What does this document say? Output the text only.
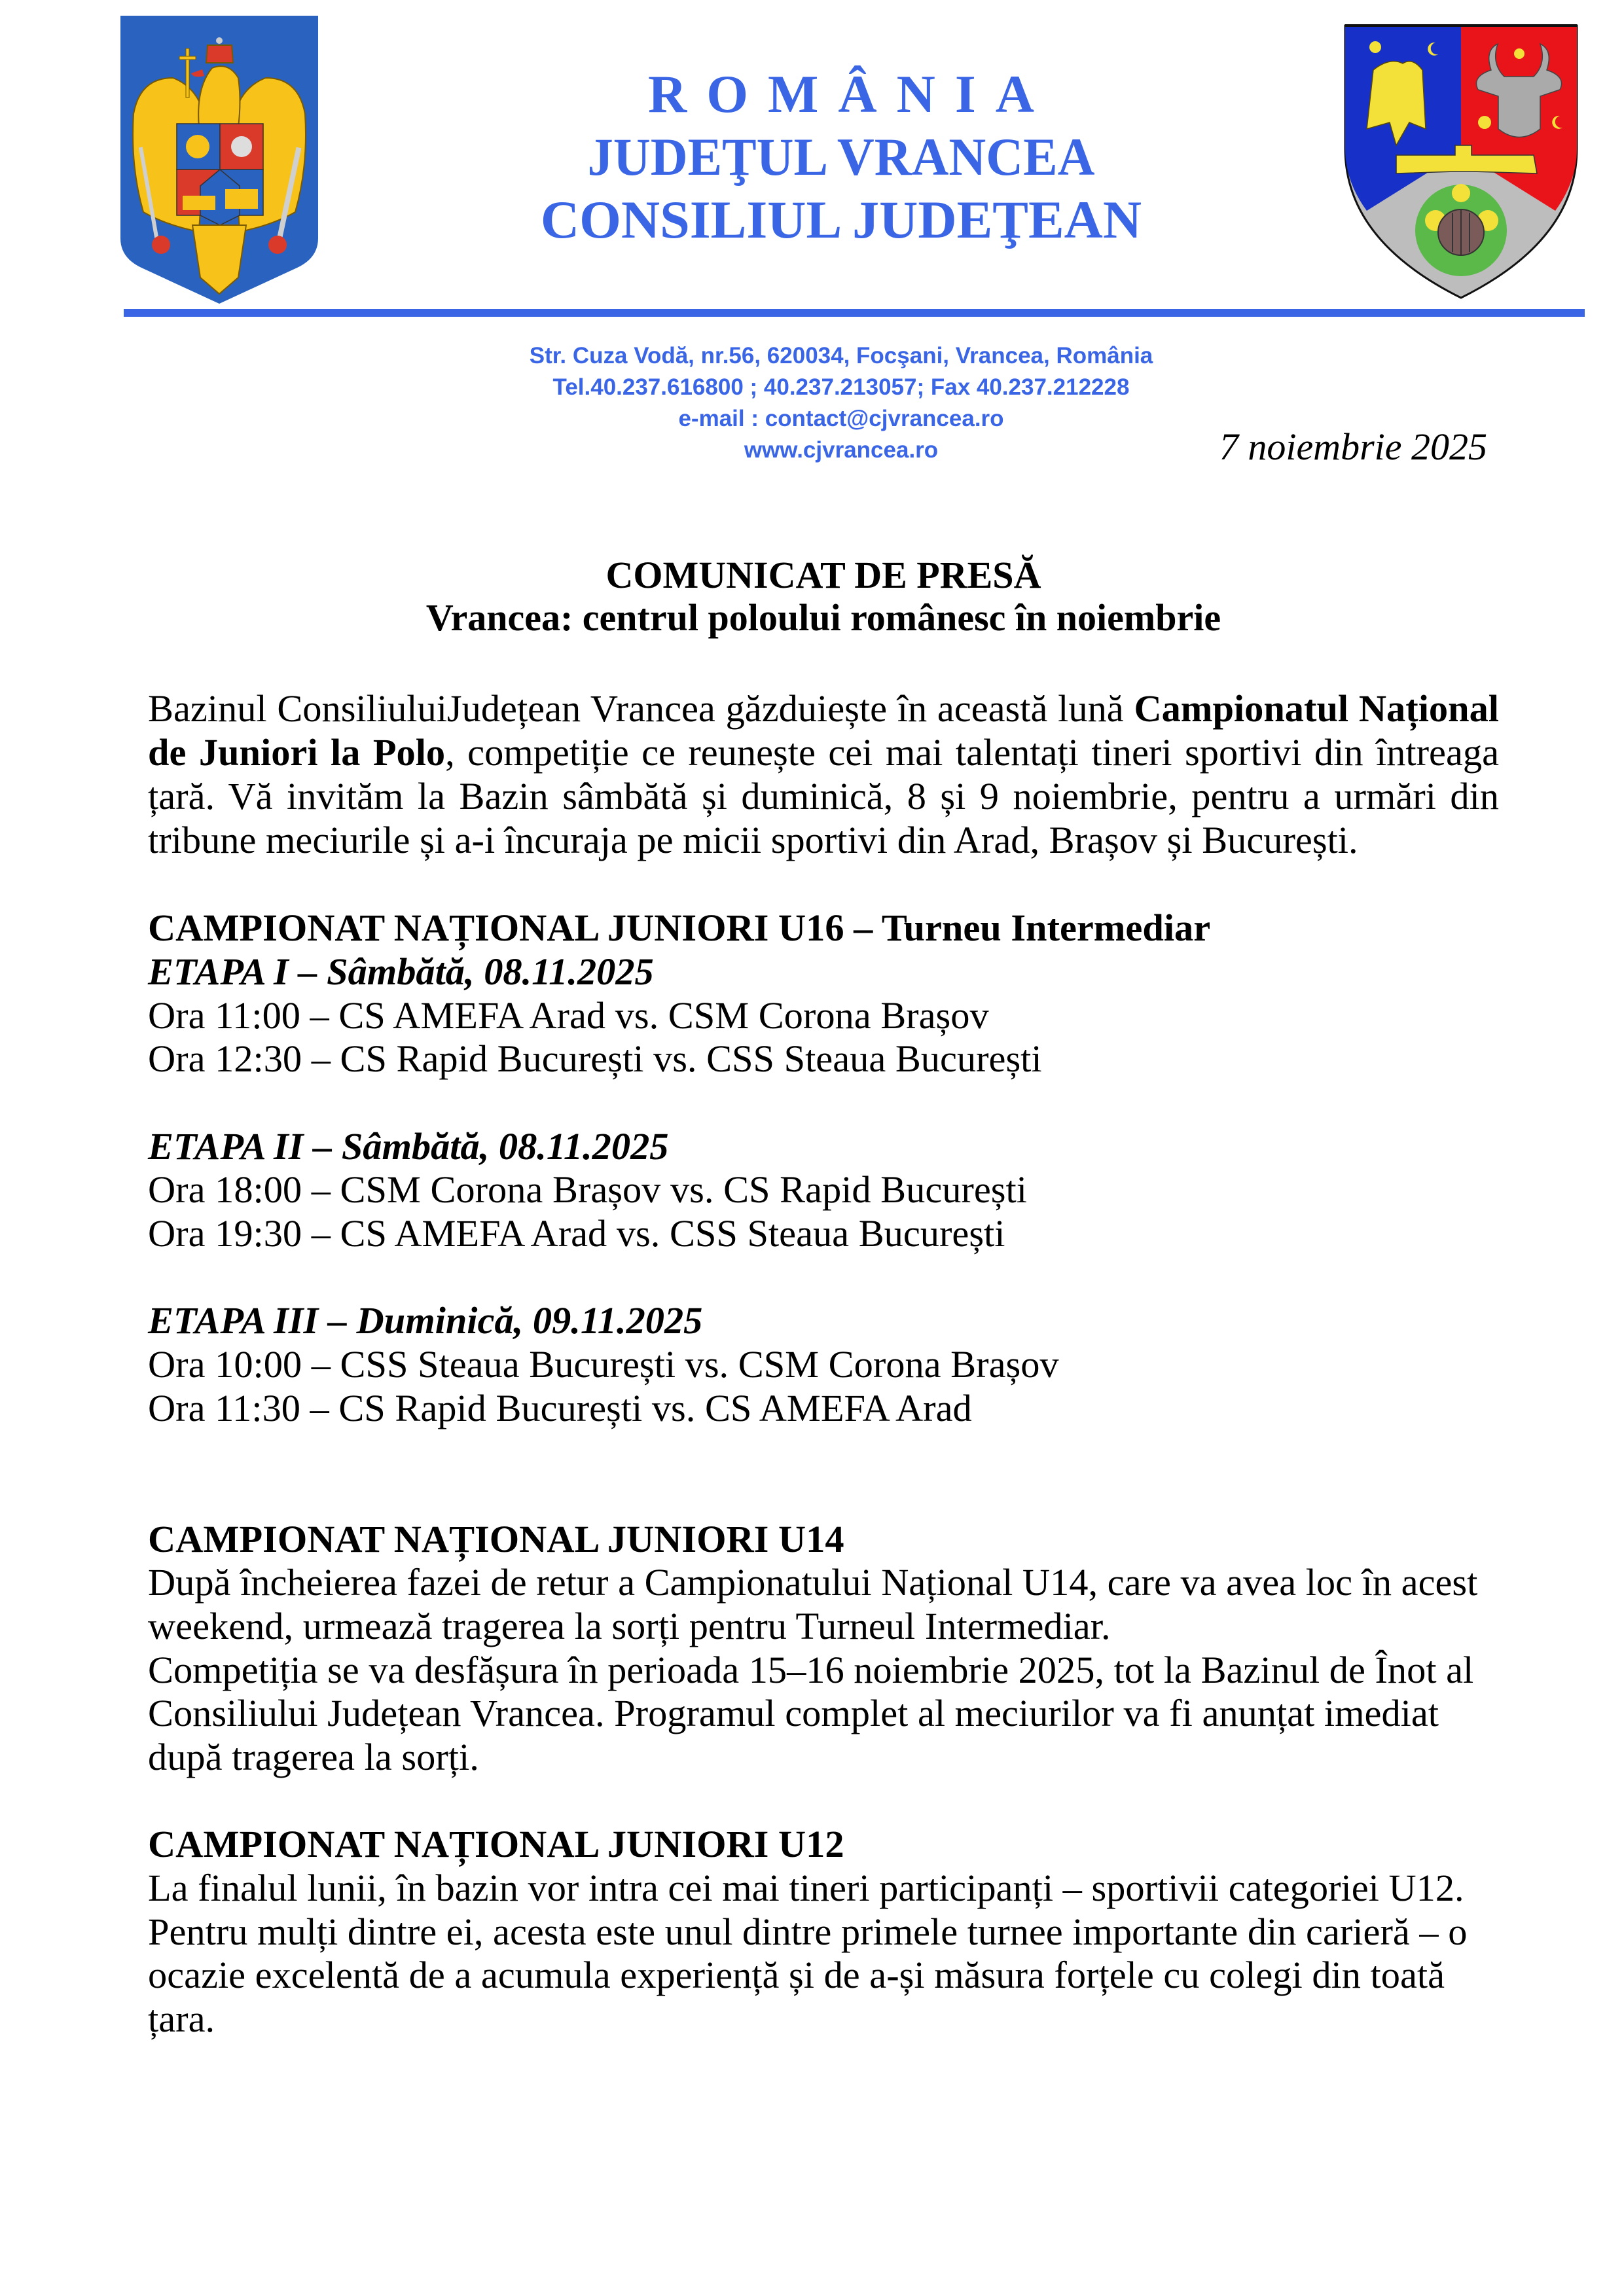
ROMÂNIA
JUDEŢUL VRANCEA
CONSILIUL JUDEŢEAN
Str. Cuza Vodă, nr.56, 620034, Focşani, Vrancea, România
Tel.40.237.616800 ; 40.237.213057; Fax 40.237.212228
e-mail : contact@cjvrancea.ro
www.cjvrancea.ro	7 noiembrie 2025
COMUNICAT DE PRESĂ
Vrancea: centrul poloului românesc în noiembrie
Bazinul ConsiliuluiJudețean Vrancea găzduiește în această lună Campionatul Național
de Juniori la Polo, competiție ce reunește cei mai talentați tineri sportivi din întreaga
țară. Vă invităm la Bazin sâmbătă și duminică, 8 și 9 noiembrie, pentru a urmări din
tribune meciurile și a-i încuraja pe micii sportivi din Arad, Brașov și București.
CAMPIONAT NAȚIONAL JUNIORI U16 – Turneu Intermediar
ETAPA I – Sâmbătă, 08.11.2025
Ora 11:00 – CS AMEFA Arad vs. CSM Corona Brașov
Ora 12:30 – CS Rapid București vs. CSS Steaua București
ETAPA II – Sâmbătă, 08.11.2025
Ora 18:00 – CSM Corona Brașov vs. CS Rapid București
Ora 19:30 – CS AMEFA Arad vs. CSS Steaua București
ETAPA III – Duminică, 09.11.2025
Ora 10:00 – CSS Steaua București vs. CSM Corona Brașov
Ora 11:30 – CS Rapid București vs. CS AMEFA Arad
CAMPIONAT NAȚIONAL JUNIORI U14
După încheierea fazei de retur a Campionatului Național U14, care va avea loc în acest
weekend, urmează tragerea la sorți pentru Turneul Intermediar.
Competiția se va desfășura în perioada 15–16 noiembrie 2025, tot la Bazinul de Înot al
Consiliului Județean Vrancea. Programul complet al meciurilor va fi anunțat imediat
după tragerea la sorți.
CAMPIONAT NAȚIONAL JUNIORI U12
La finalul lunii, în bazin vor intra cei mai tineri participanți – sportivii categoriei U12.
Pentru mulți dintre ei, acesta este unul dintre primele turnee importante din carieră – o
ocazie excelentă de a acumula experiență și de a-și măsura forțele cu colegi din toată
țara.
